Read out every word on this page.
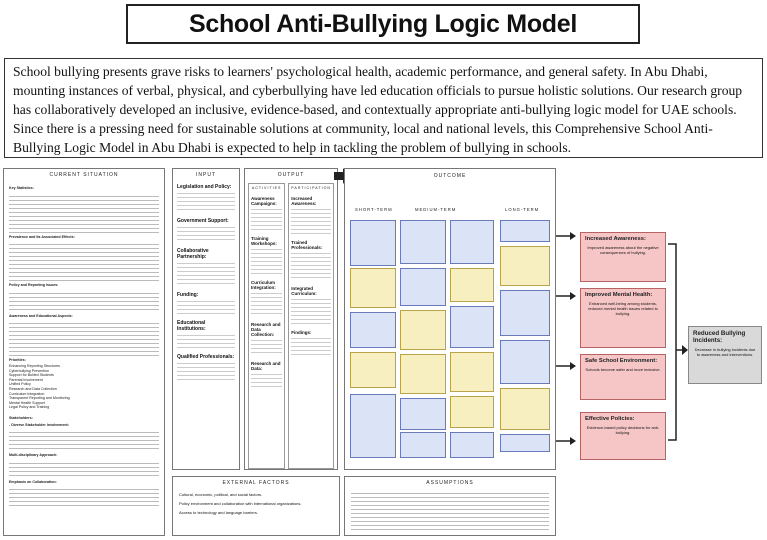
School Anti-Bullying Logic Model
School bullying presents grave risks to learners' psychological health, academic performance, and general safety. In Abu Dhabi, mounting instances of verbal, physical, and cyberbullying have led education officials to pursue holistic solutions. Our research group has collaboratively developed an inclusive, evidence-based, and contextually appropriate anti-bullying logic model for UAE schools. Since there is a pressing need for sustainable solutions at community, local and national levels, this Comprehensive School Anti-Bullying Logic Model in Abu Dhabi is expected to help in tackling the problem of bullying in schools.
CURRENT SITUATION
Key Statistics:
Prevalence and Its Associated Effects:
Policy and Reporting Issues:
Awareness and Educational Aspects:
Priorities:
Enhancing Reporting Structures
Cyberbullying Prevention
Support for Bullied Students
Parental Involvement
Unified Policy
Research and Data Collection
Curriculum Integration
Transparent Reporting and Monitoring
Mental Health Support
Legal Policy and Training
Stakeholders:
- Diverse Stakeholder Involvement:
Multi-disciplinary Approach:
Emphasis on Collaboration:
INPUT
Legislation and Policy:
Government Support:
Collaborative Partnership:
Funding:
Educational Institutions:
Qualified Professionals:
OUTPUT
ACTIVITIES
Awareness Campaigns:
Training Workshops:
Curriculum Integration:
Research and Data Collection:
Research and Data:
PARTICIPATION
Increased Awareness:
Trained Professionals:
Integrated Curriculum:
Findings:
OUTCOME
SHORT-TERM	MEDIUM-TERM	LONG-TERM
Increased Awareness:
Improved awareness about the negative consequences of bullying.
Improved Mental Health:
Enhanced well-being among students, reduced mental health issues related to bullying.
Safe School Environment:
Schools become safer and more inclusive.
Effective Policies:
Evidence-based policy decisions for anti-bullying.
Reduced Bullying Incidents:
Decrease in bullying incidents due to awareness and interventions.
EXTERNAL FACTORS
Cultural, economic, political, and social factors.
Policy environment and collaboration with international organizations.
Access to technology and language barriers.
ASSUMPTIONS
